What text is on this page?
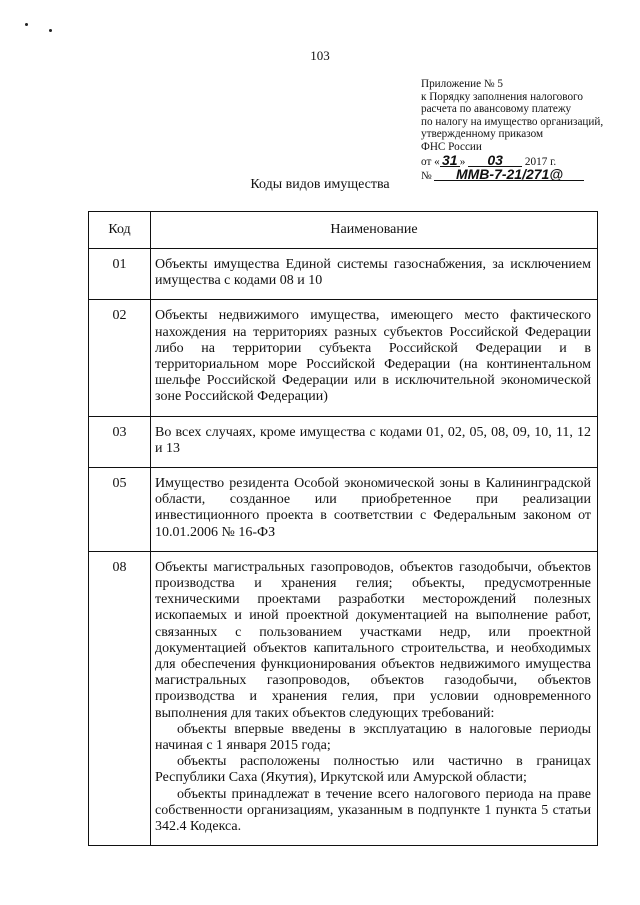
103
Приложение № 5
к Порядку заполнения налогового
расчета по авансовому платежу
по налогу на имущество организаций,
утвержденному приказом
ФНС России
от « 31 » 03 2017 г.
№ ММВ-7-21/271@
Коды видов имущества
Код	Наименование
01	Объекты имущества Единой системы газоснабжения, за исключением имущества с кодами 08 и 10

02	Объекты недвижимого имущества, имеющего место фактического нахождения на территориях разных субъектов Российской Федерации либо на территории субъекта Российской Федерации и в территориальном море Российской Федерации (на континентальном шельфе Российской Федерации или в исключительной экономической зоне Российской Федерации)

03	Во всех случаях, кроме имущества с кодами 01, 02, 05, 08, 09, 10, 11, 12 и 13

05	Имущество резидента Особой экономической зоны в Калининградской области, созданное или приобретенное при реализации инвестиционного проекта в соответствии с Федеральным законом от 10.01.2006 № 16-ФЗ

08	Объекты магистральных газопроводов, объектов газодобычи, объектов производства и хранения гелия; объекты, предусмотренные техническими проектами разработки месторождений полезных ископаемых и иной проектной документацией на выполнение работ, связанных с пользованием участками недр, или проектной документацией объектов капитального строительства, и необходимых для обеспечения функционирования объектов недвижимого имущества магистральных газопроводов, объектов газодобычи, объектов производства и хранения гелия, при условии одновременного выполнения для таких объектов следующих требований:

объекты впервые введены в эксплуатацию в налоговые периоды начиная с 1 января 2015 года;

объекты расположены полностью или частично в границах Республики Саха (Якутия), Иркутской или Амурской области;

объекты принадлежат в течение всего налогового периода на праве собственности организациям, указанным в подпункте 1 пункта 5 статьи 342.4 Кодекса.
